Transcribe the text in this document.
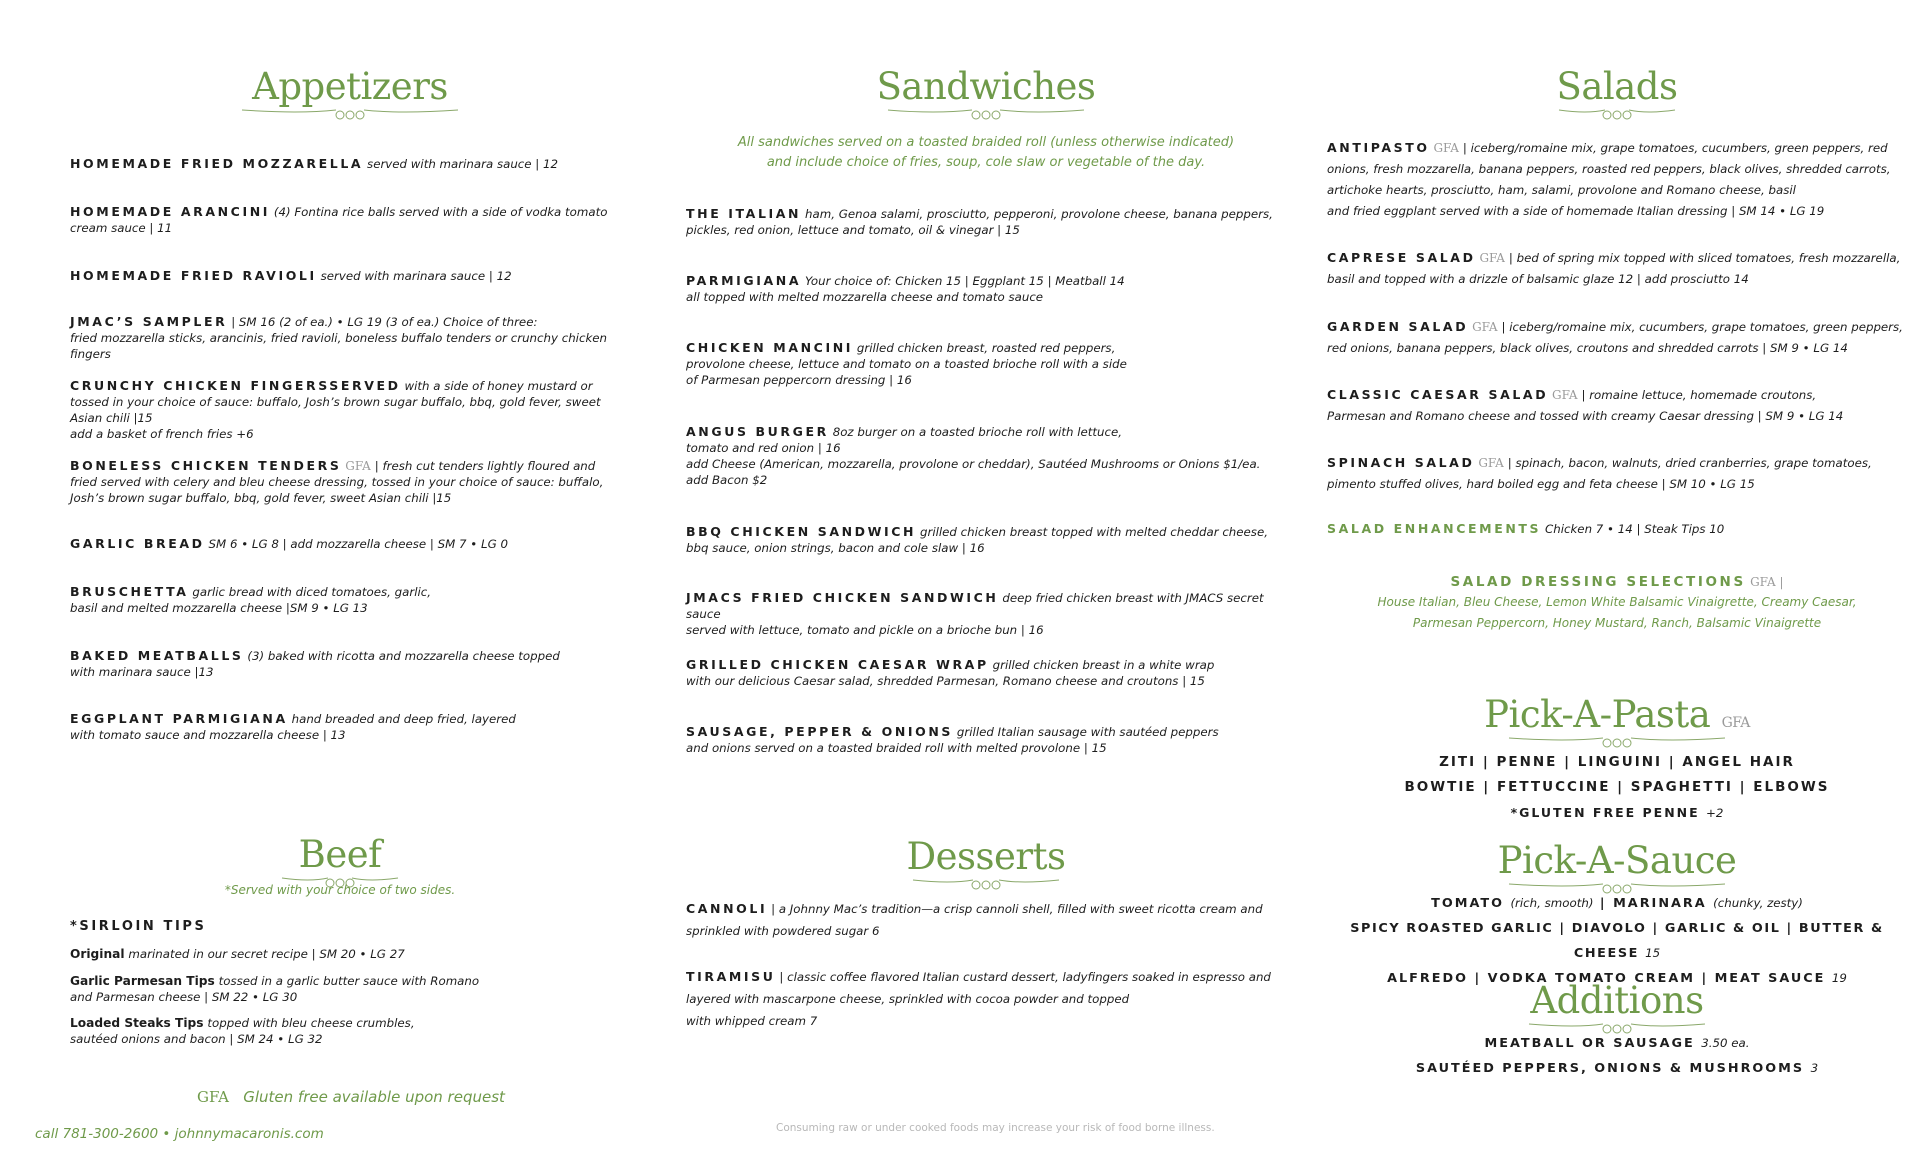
Appetizers
HOMEMADE FRIED MOZZARELLA served with marinara sauce | 12
HOMEMADE ARANCINI (4) Fontina rice balls served with a side of vodka tomato cream sauce | 11
HOMEMADE FRIED RAVIOLI served with marinara sauce | 12
JMAC’S SAMPLER | SM 16 (2 of ea.) • LG 19 (3 of ea.) Choice of three:
fried mozzarella sticks, arancinis, fried ravioli, boneless buffalo tenders or crunchy chicken fingers
CRUNCHY CHICKEN FINGERSSERVED with a side of honey mustard or tossed in your choice of sauce: buffalo, Josh’s brown sugar buffalo, bbq, gold fever, sweet Asian chili |15
add a basket of french fries +6
BONELESS CHICKEN TENDERS GFA | fresh cut tenders lightly floured and fried served with celery and bleu cheese dressing, tossed in your choice of sauce: buffalo, Josh’s brown sugar buffalo, bbq, gold fever, sweet Asian chili |15
GARLIC BREAD SM 6 • LG 8 | add mozzarella cheese | SM 7 • LG 0
BRUSCHETTA garlic bread with diced tomatoes, garlic,
basil and melted mozzarella cheese |SM 9 • LG 13
BAKED MEATBALLS (3) baked with ricotta and mozzarella cheese topped
with marinara sauce |13
EGGPLANT PARMIGIANA hand breaded and deep fried, layered
with tomato sauce and mozzarella cheese | 13
Beef
*Served with your choice of two sides.
*SIRLOIN TIPS
Original marinated in our secret recipe | SM 20 • LG 27
Garlic Parmesan Tips tossed in a garlic butter sauce with Romano
and Parmesan cheese | SM 22 • LG 30
Loaded Steaks Tips topped with bleu cheese crumbles,
sautéed onions and bacon | SM 24 • LG 32
GFA Gluten free available upon request
call 781-300-2600 • johnnymacaronis.com
Sandwiches
All sandwiches served on a toasted braided roll (unless otherwise indicated)
and include choice of fries, soup, cole slaw or vegetable of the day.
THE ITALIAN ham, Genoa salami, prosciutto, pepperoni, provolone cheese, banana peppers,
pickles, red onion, lettuce and tomato, oil & vinegar | 15
PARMIGIANA Your choice of: Chicken 15 | Eggplant 15 | Meatball 14
all topped with melted mozzarella cheese and tomato sauce
CHICKEN MANCINI grilled chicken breast, roasted red peppers,
provolone cheese, lettuce and tomato on a toasted brioche roll with a side
of Parmesan peppercorn dressing | 16
ANGUS BURGER 8oz burger on a toasted brioche roll with lettuce,
tomato and red onion | 16
add Cheese (American, mozzarella, provolone or cheddar), Sautéed Mushrooms or Onions $1/ea.
add Bacon $2
BBQ CHICKEN SANDWICH grilled chicken breast topped with melted cheddar cheese,
bbq sauce, onion strings, bacon and cole slaw | 16
JMACS FRIED CHICKEN SANDWICH deep fried chicken breast with JMACS secret sauce
served with lettuce, tomato and pickle on a brioche bun | 16
GRILLED CHICKEN CAESAR WRAP grilled chicken breast in a white wrap
with our delicious Caesar salad, shredded Parmesan, Romano cheese and croutons | 15
SAUSAGE, PEPPER & ONIONS grilled Italian sausage with sautéed peppers
and onions served on a toasted braided roll with melted provolone | 15
Desserts
CANNOLI | a Johnny Mac’s tradition—a crisp cannoli shell, filled with sweet ricotta cream and
sprinkled with powdered sugar 6
TIRAMISU | classic coffee flavored Italian custard dessert, ladyfingers soaked in espresso and
layered with mascarpone cheese, sprinkled with cocoa powder and topped
with whipped cream 7
Consuming raw or under cooked foods may increase your risk of food borne illness.
Salads
ANTIPASTO GFA | iceberg/romaine mix, grape tomatoes, cucumbers, green peppers, red onions, fresh mozzarella, banana peppers, roasted red peppers, black olives, shredded carrots, artichoke hearts, prosciutto, ham, salami, provolone and Romano cheese, basil
and fried eggplant served with a side of homemade Italian dressing | SM 14 • LG 19
CAPRESE SALAD GFA | bed of spring mix topped with sliced tomatoes, fresh mozzarella,
basil and topped with a drizzle of balsamic glaze 12 | add prosciutto 14
GARDEN SALAD GFA | iceberg/romaine mix, cucumbers, grape tomatoes, green peppers,
red onions, banana peppers, black olives, croutons and shredded carrots | SM 9 • LG 14
CLASSIC CAESAR SALAD GFA | romaine lettuce, homemade croutons,
Parmesan and Romano cheese and tossed with creamy Caesar dressing | SM 9 • LG 14
SPINACH SALAD GFA | spinach, bacon, walnuts, dried cranberries, grape tomatoes,
pimento stuffed olives, hard boiled egg and feta cheese | SM 10 • LG 15
SALAD ENHANCEMENTS Chicken 7 • 14 | Steak Tips 10
SALAD DRESSING SELECTIONS GFA |
House Italian, Bleu Cheese, Lemon White Balsamic Vinaigrette, Creamy Caesar,
Parmesan Peppercorn, Honey Mustard, Ranch, Balsamic Vinaigrette
Pick-A-Pasta GFA
ZITI | PENNE | LINGUINI | ANGEL HAIR
BOWTIE | FETTUCCINE | SPAGHETTI | ELBOWS
*GLUTEN FREE PENNE +2
Pick-A-Sauce
TOMATO (rich, smooth) | MARINARA (chunky, zesty)
SPICY ROASTED GARLIC | DIAVOLO | GARLIC & OIL | BUTTER & CHEESE 15
ALFREDO | VODKA TOMATO CREAM | MEAT SAUCE 19
Additions
MEATBALL OR SAUSAGE 3.50 ea.
SAUTÉED PEPPERS, ONIONS & MUSHROOMS 3
